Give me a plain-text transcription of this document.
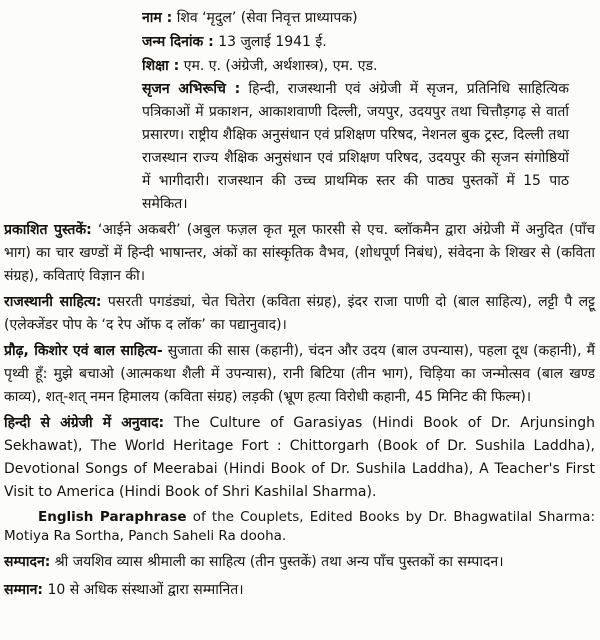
नाम : शिव ‘मृदुल’ (सेवा निवृत्त प्राध्यापक)
जन्म दिनांक : 13 जुलाई 1941 ई.
शिक्षा : एम. ए. (अंग्रेजी, अर्थशास्त्र), एम. एड.

सृजन अभिरूचि : हिन्दी, राजस्थानी एवं अंग्रेजी में सृजन, प्रतिनिधि साहित्यिक पत्रिकाओं में प्रकाशन, आकाशवाणी दिल्ली, जयपुर, उदयपुर तथा चित्तौड़गढ़ से वार्ता प्रसारण। राष्ट्रीय शैक्षिक अनुसंधान एवं प्रशिक्षण परिषद, नेशनल बुक ट्रस्ट, दिल्ली तथा राजस्थान राज्य शैक्षिक अनुसंधान एवं प्रशिक्षण परिषद, उदयपुर की सृजन संगोष्ठियों में भागीदारी। राजस्थान की उच्च प्राथमिक स्तर की पाठ्य पुस्तकों में 15 पाठ समेकित।

प्रकाशित पुस्तकें: ‘आईने अकबरी’ (अबुल फज़ल कृत मूल फारसी से एच. ब्लॉकमैन द्वारा अंग्रेजी में अनुदित (पाँच भाग) का चार खण्डों में हिन्दी भाषान्तर, अंकों का सांस्कृतिक वैभव, (शोधपूर्ण निबंध), संवेदना के शिखर से (कविता संग्रह), कविताएं विज्ञान की।

राजस्थानी साहित्य: पसरती पगडंड्यां, चेत चितेरा (कविता संग्रह), इंदर राजा पाणी दो (बाल साहित्य), लट्टी पै लट्टू (एलेक्जेंडर पोप के ‘द रेप ऑफ द लॉक’ का पद्यानुवाद)।

प्रौढ़, किशोर एवं बाल साहित्य- सुजाता की सास (कहानी), चंदन और उदय (बाल उपन्यास), पहला दूध (कहानी), मैं पृथ्वी हूँ: मुझे बचाओ (आत्मकथा शैली में उपन्यास), रानी बिटिया (तीन भाग), चिड़िया का जन्मोत्सव (बाल खण्ड काव्य), शत्-शत् नमन हिमालय (कविता संग्रह) लड़की (भ्रूण हत्या विरोधी कहानी, 45 मिनिट की फिल्म)।

हिन्दी से अंग्रेजी में अनुवाद: The Culture of Garasiyas (Hindi Book of Dr. Arjunsingh Sekhawat), The World Heritage Fort : Chittorgarh (Book of Dr. Sushila Laddha), Devotional Songs of Meerabai (Hindi Book of Dr. Sushila Laddha), A Teacher's First Visit to America (Hindi Book of Shri Kashilal Sharma).

English Paraphrase of the Couplets, Edited Books by Dr. Bhagwatilal Sharma: Motiya Ra Sortha, Panch Saheli Ra dooha.

सम्पादन: श्री जयशिव व्यास श्रीमाली का साहित्य (तीन पुस्तकें) तथा अन्य पाँच पुस्तकों का सम्पादन।

सम्मान: 10 से अधिक संस्थाओं द्वारा सम्मानित।
